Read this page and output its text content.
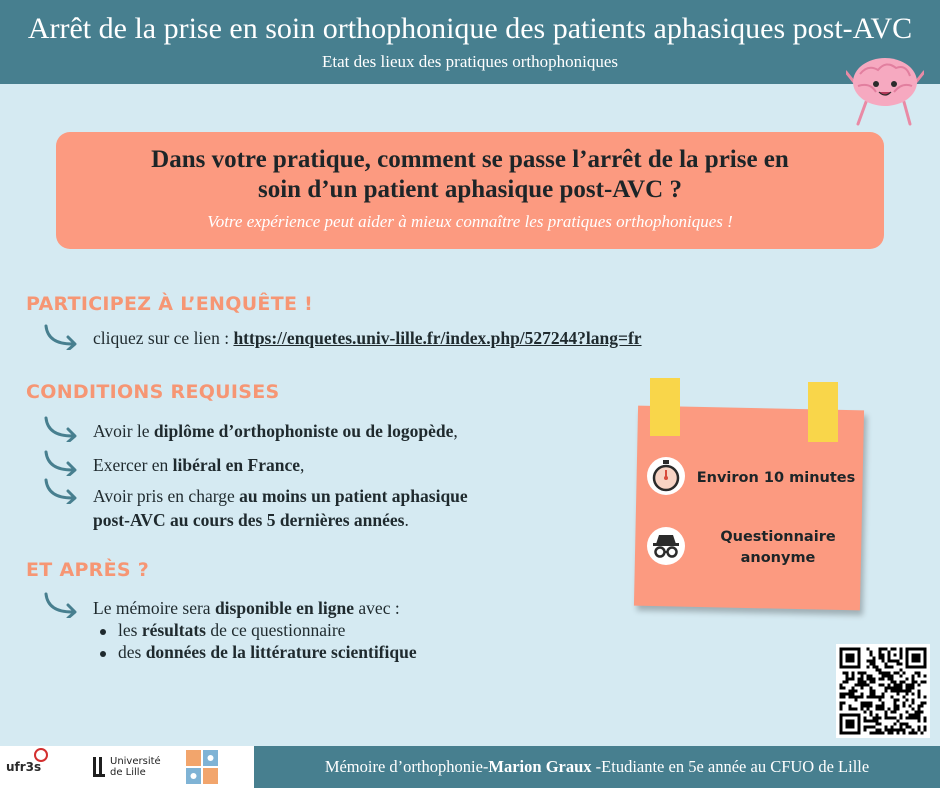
Arrêt de la prise en soin orthophonique des patients aphasiques post-AVC
Etat des lieux des pratiques orthophoniques
Dans votre pratique, comment se passe l’arrêt de la prise en
soin d’un patient aphasique post-AVC ?
Votre expérience peut aider à mieux connaître les pratiques orthophoniques !
PARTICIPEZ À L’ENQUÊTE !
cliquez sur ce lien : https://enquetes.univ-lille.fr/index.php/527244?lang=fr
CONDITIONS REQUISES
Avoir le diplôme d’orthophoniste ou de logopède,
Exercer en libéral en France,
Avoir pris en charge au moins un patient aphasique
post-AVC au cours des 5 dernières années.
ET APRÈS ?
Le mémoire sera disponible en ligne avec :
les résultats de ce questionnaire
des données de la littérature scientifique
Environ 10 minutes
Questionnaire
anonyme
ufr3s	Université
de Lille	Mémoire d’orthophonie-Marion Graux -Etudiante en 5e année au CFUO de Lille
